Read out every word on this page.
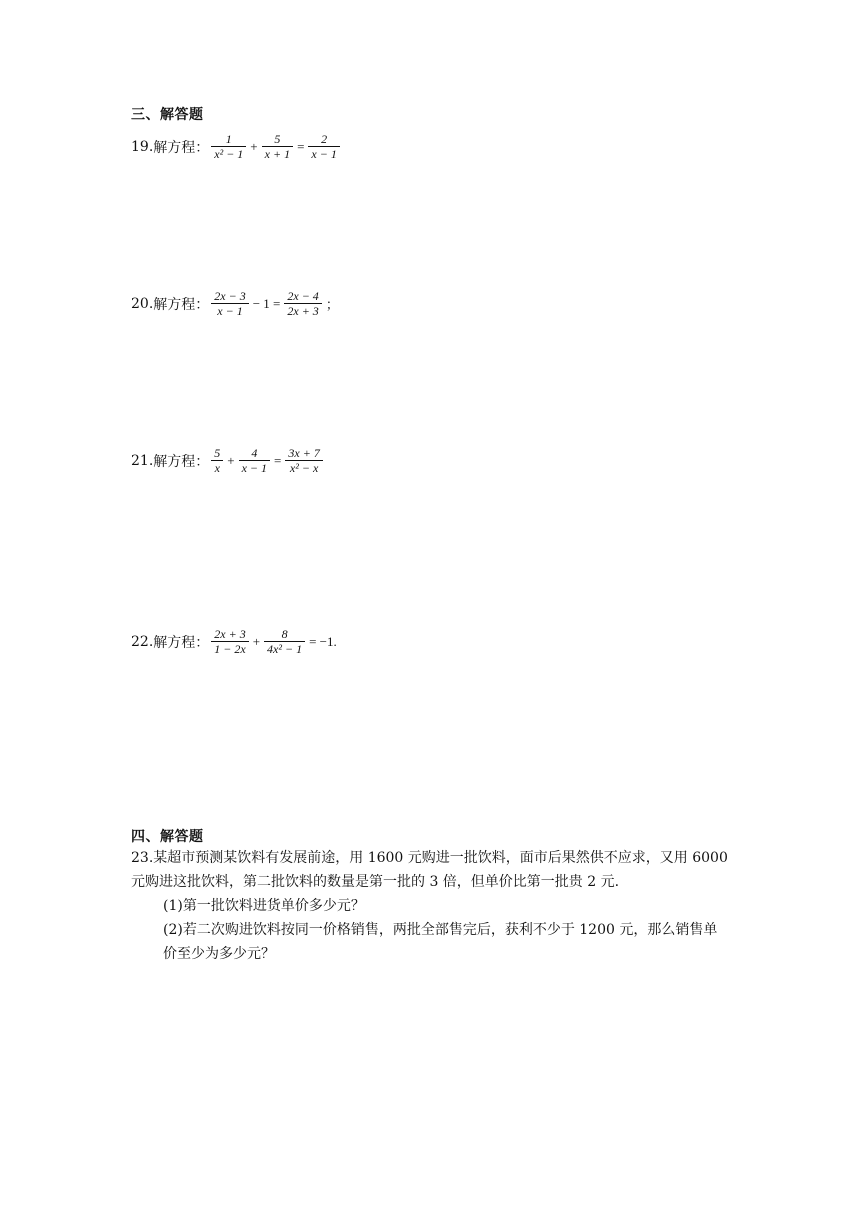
三、解答题
19. 解方程： $\frac{1}{\text{x² − 1}} + \frac{5}{x + 1} = \frac{2}{x - 1}$
20. 解方程： $\frac{2x - 3}{x - 1} - 1 = \frac{2x - 4}{2x + 3}$ ；
21. 解方程： $\frac{5}{x} + \frac{4}{x - 1} = \frac{3x + 7}{\text{x² − x}}$
22. 解方程： $\frac{2x + 3}{1 - 2x} + \frac{8}{\text{4x² − 1}} = -1$.
四、解答题
23.某超市预测某饮料有发展前途，用 1600 元购进一批饮料，面市后果然供不应求，又用 6000
元购进这批饮料，第二批饮料的数量是第一批的 3 倍，但单价比第一批贵 2 元.
(1)第一批饮料进货单价多少元？
(2)若二次购进饮料按同一价格销售，两批全部售完后，获利不少于 1200 元，那么销售单
价至少为多少元？
